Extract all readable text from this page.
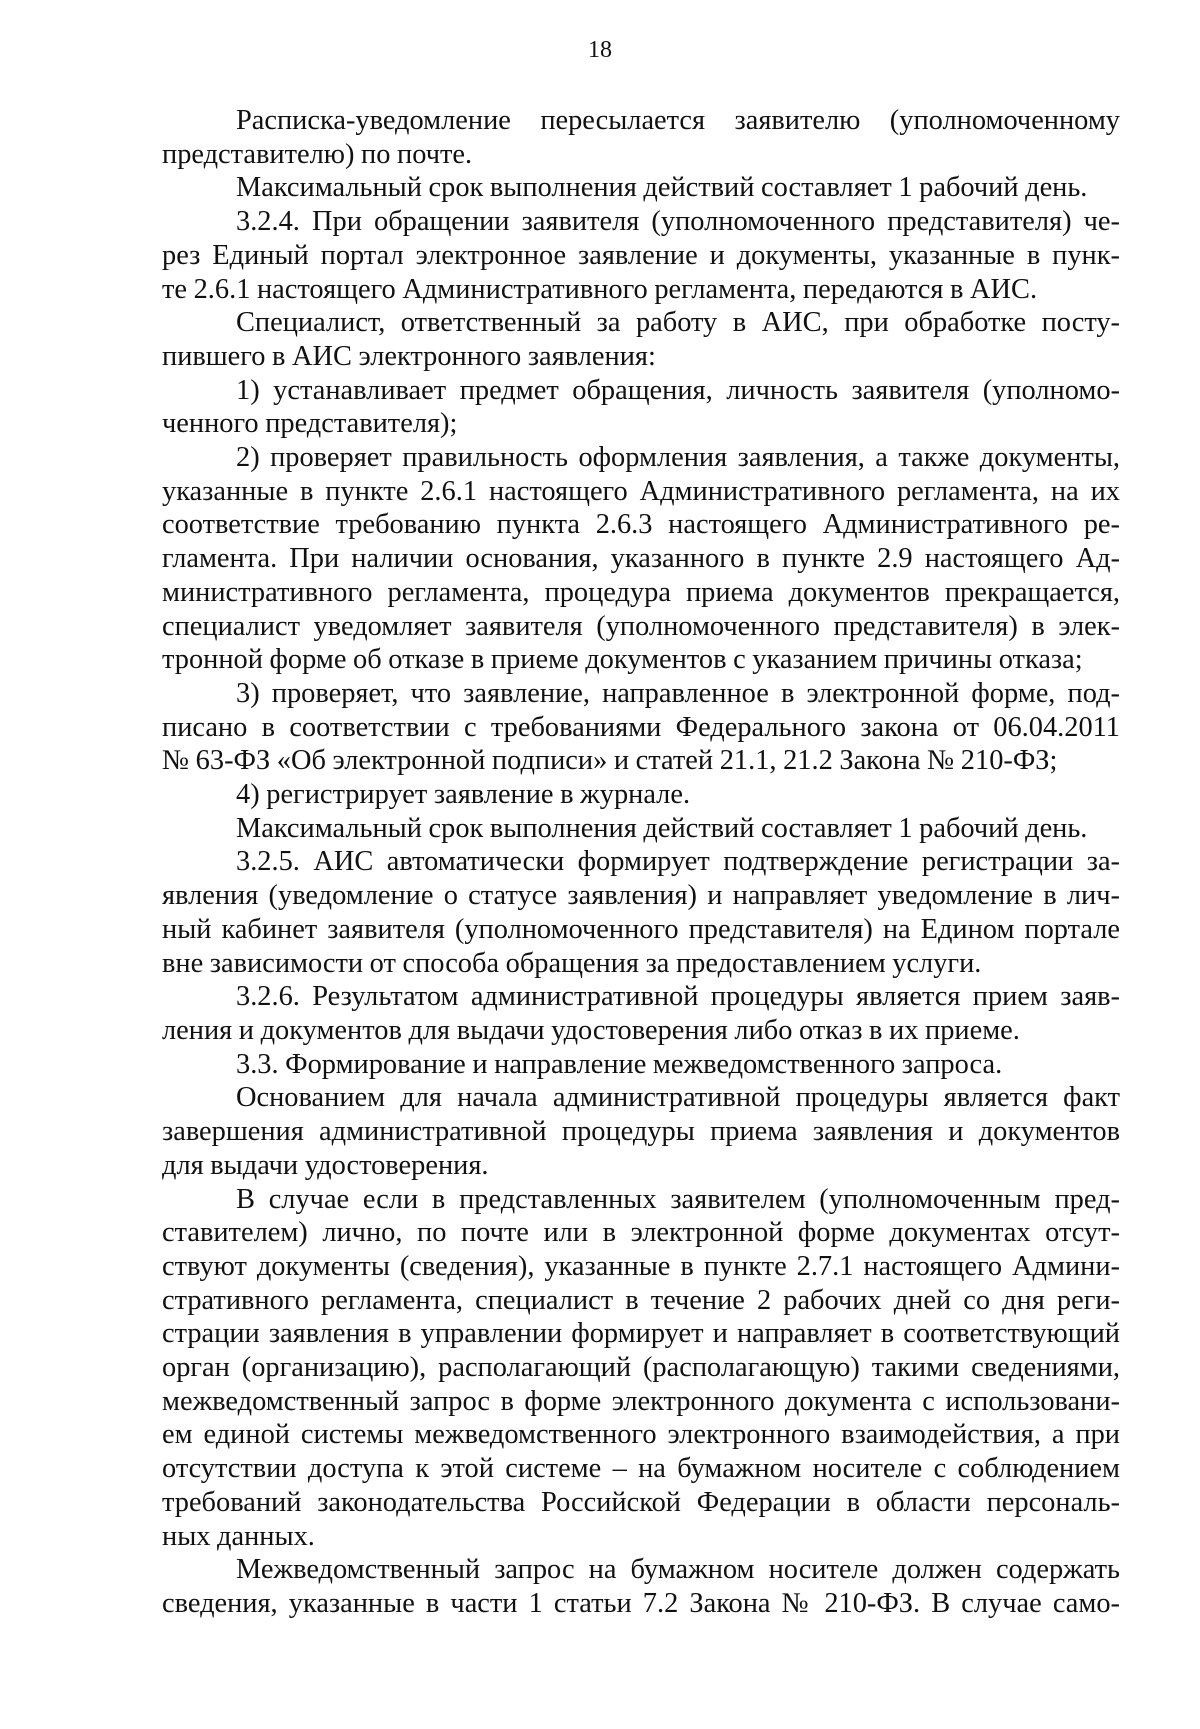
18
Расписка-уведомление пересылается заявителю (уполномоченному
представителю) по почте.
Максимальный срок выполнения действий составляет 1 рабочий день.
3.2.4. При обращении заявителя (уполномоченного представителя) че-
рез Единый портал электронное заявление и документы, указанные в пунк-
те 2.6.1 настоящего Административного регламента, передаются в АИС.
Специалист, ответственный за работу в АИС, при обработке посту-
пившего в АИС электронного заявления:
1) устанавливает предмет обращения, личность заявителя (уполномо-
ченного представителя);
2) проверяет правильность оформления заявления, а также документы,
указанные в пункте 2.6.1 настоящего Административного регламента, на их
соответствие требованию пункта 2.6.3 настоящего Административного ре-
гламента. При наличии основания, указанного в пункте 2.9 настоящего Ад-
министративного регламента, процедура приема документов прекращается,
специалист уведомляет заявителя (уполномоченного представителя) в элек-
тронной форме об отказе в приеме документов с указанием причины отказа;
3) проверяет, что заявление, направленное в электронной форме, под-
писано в соответствии с требованиями Федерального закона от 06.04.2011
№ 63-ФЗ «Об электронной подписи» и статей 21.1, 21.2 Закона № 210-ФЗ;
4) регистрирует заявление в журнале.
Максимальный срок выполнения действий составляет 1 рабочий день.
3.2.5. АИС автоматически формирует подтверждение регистрации за-
явления (уведомление о статусе заявления) и направляет уведомление в лич-
ный кабинет заявителя (уполномоченного представителя) на Едином портале
вне зависимости от способа обращения за предоставлением услуги.
3.2.6. Результатом административной процедуры является прием заяв-
ления и документов для выдачи удостоверения либо отказ в их приеме.
3.3. Формирование и направление межведомственного запроса.
Основанием для начала административной процедуры является факт
завершения административной процедуры приема заявления и документов
для выдачи удостоверения.
В случае если в представленных заявителем (уполномоченным пред-
ставителем) лично, по почте или в электронной форме документах отсут-
ствуют документы (сведения), указанные в пункте 2.7.1 настоящего Админи-
стративного регламента, специалист в течение 2 рабочих дней со дня реги-
страции заявления в управлении формирует и направляет в соответствующий
орган (организацию), располагающий (располагающую) такими сведениями,
межведомственный запрос в форме электронного документа с использовани-
ем единой системы межведомственного электронного взаимодействия, а при
отсутствии доступа к этой системе – на бумажном носителе с соблюдением
требований законодательства Российской Федерации в области персональ-
ных данных.
Межведомственный запрос на бумажном носителе должен содержать
сведения, указанные в части 1 статьи 7.2 Закона № 210-ФЗ. В случае само-
